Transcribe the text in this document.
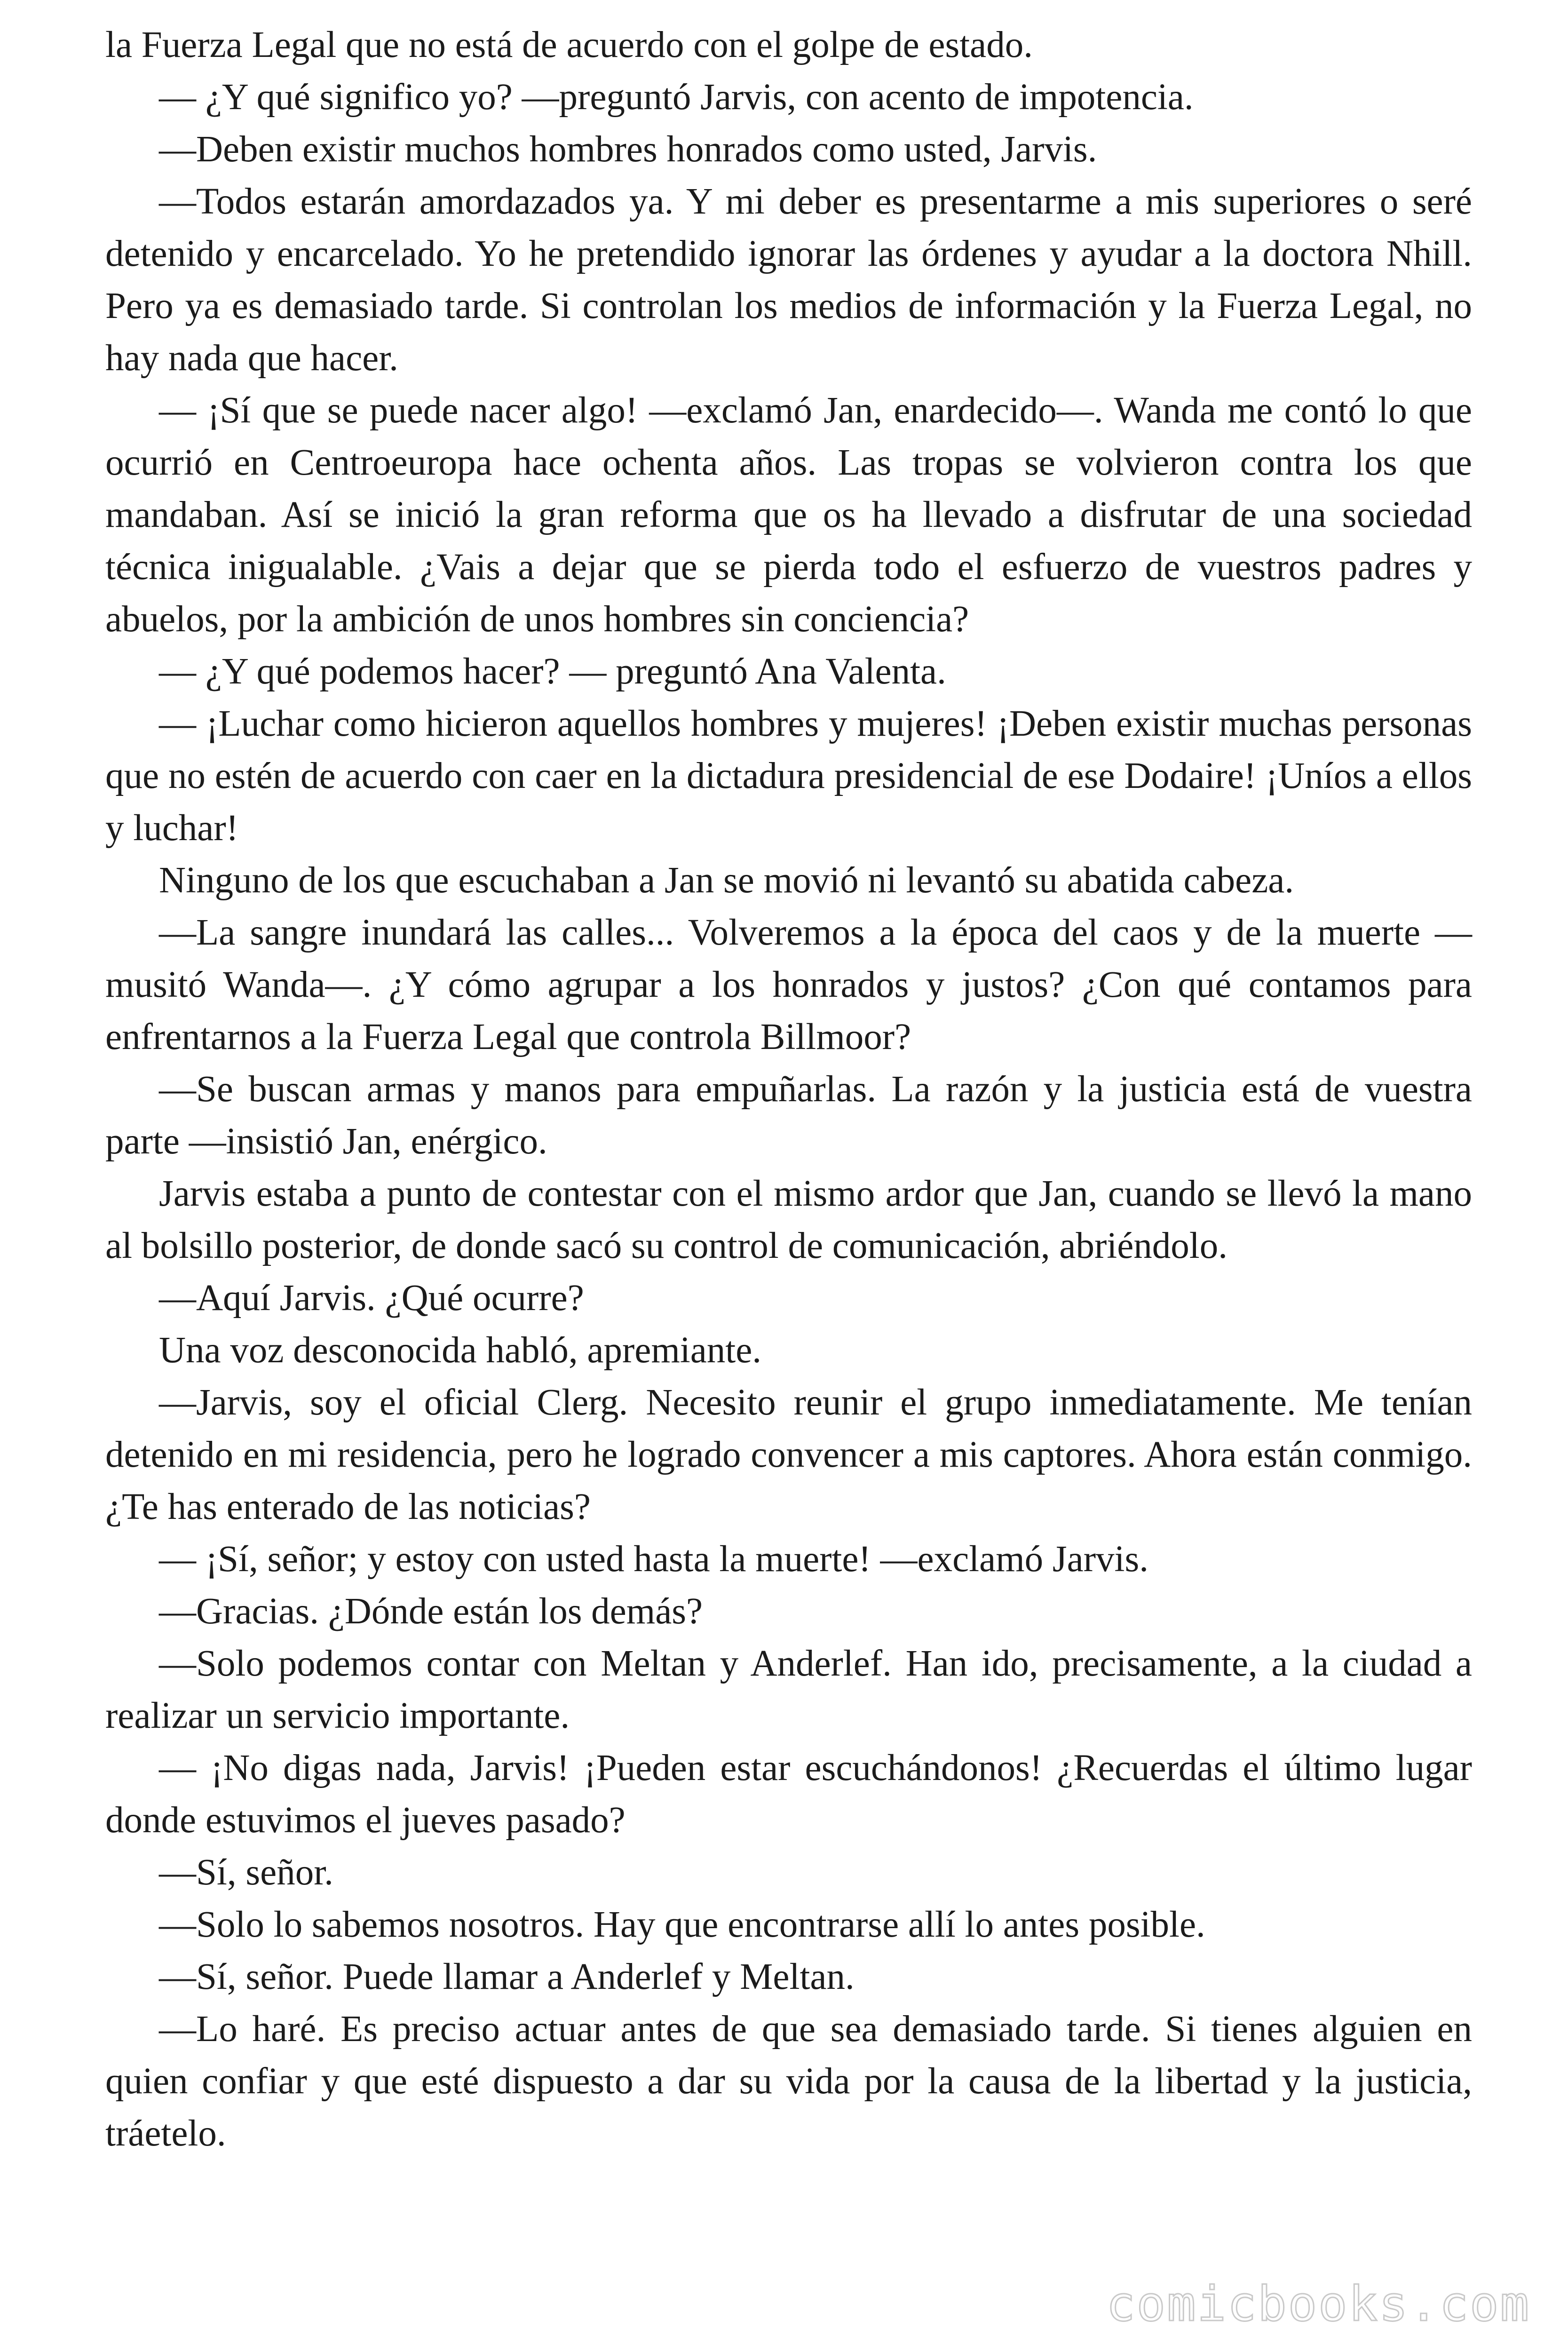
la Fuerza Legal que no está de acuerdo con el golpe de estado.

— ¿Y qué significo yo? —preguntó Jarvis, con acento de impotencia.

—Deben existir muchos hombres honrados como usted, Jarvis.

—Todos estarán amordazados ya. Y mi deber es presentarme a mis superiores o seré detenido y encarcelado. Yo he pretendido ignorar las órdenes y ayudar a la doctora Nhill. Pero ya es demasiado tarde. Si controlan los medios de información y la Fuerza Legal, no hay nada que hacer.

— ¡Sí que se puede nacer algo! —exclamó Jan, enardecido—. Wanda me contó lo que ocurrió en Centroeuropa hace ochenta años. Las tropas se volvieron contra los que mandaban. Así se inició la gran reforma que os ha llevado a disfrutar de una sociedad técnica inigualable. ¿Vais a dejar que se pierda todo el esfuerzo de vuestros padres y abuelos, por la ambición de unos hombres sin conciencia?

— ¿Y qué podemos hacer? — preguntó Ana Valenta.

— ¡Luchar como hicieron aquellos hombres y mujeres! ¡Deben existir muchas personas que no estén de acuerdo con caer en la dictadura presidencial de ese Dodaire! ¡Uníos a ellos y luchar!

Ninguno de los que escuchaban a Jan se movió ni levantó su abatida cabeza.

—La sangre inundará las calles... Volveremos a la época del caos y de la muerte —musitó Wanda—. ¿Y cómo agrupar a los honrados y justos? ¿Con qué contamos para enfrentarnos a la Fuerza Legal que controla Billmoor?

—Se buscan armas y manos para empuñarlas. La razón y la justicia está de vuestra parte —insistió Jan, enérgico.

Jarvis estaba a punto de contestar con el mismo ardor que Jan, cuando se llevó la mano al bolsillo posterior, de donde sacó su control de comunicación, abriéndolo.

—Aquí Jarvis. ¿Qué ocurre?

Una voz desconocida habló, apremiante.

—Jarvis, soy el oficial Clerg. Necesito reunir el grupo inmediatamente. Me tenían detenido en mi residencia, pero he logrado convencer a mis captores. Ahora están conmigo. ¿Te has enterado de las noticias?

— ¡Sí, señor; y estoy con usted hasta la muerte! —exclamó Jarvis.

—Gracias. ¿Dónde están los demás?

—Solo podemos contar con Meltan y Anderlef. Han ido, precisamente, a la ciudad a realizar un servicio importante.

— ¡No digas nada, Jarvis! ¡Pueden estar escuchándonos! ¿Recuerdas el último lugar donde estuvimos el jueves pasado?

—Sí, señor.

—Solo lo sabemos nosotros. Hay que encontrarse allí lo antes posible.

—Sí, señor. Puede llamar a Anderlef y Meltan.

—Lo haré. Es preciso actuar antes de que sea demasiado tarde. Si tienes alguien en quien confiar y que esté dispuesto a dar su vida por la causa de la libertad y la justicia, tráetelo.

comicbooks.com
